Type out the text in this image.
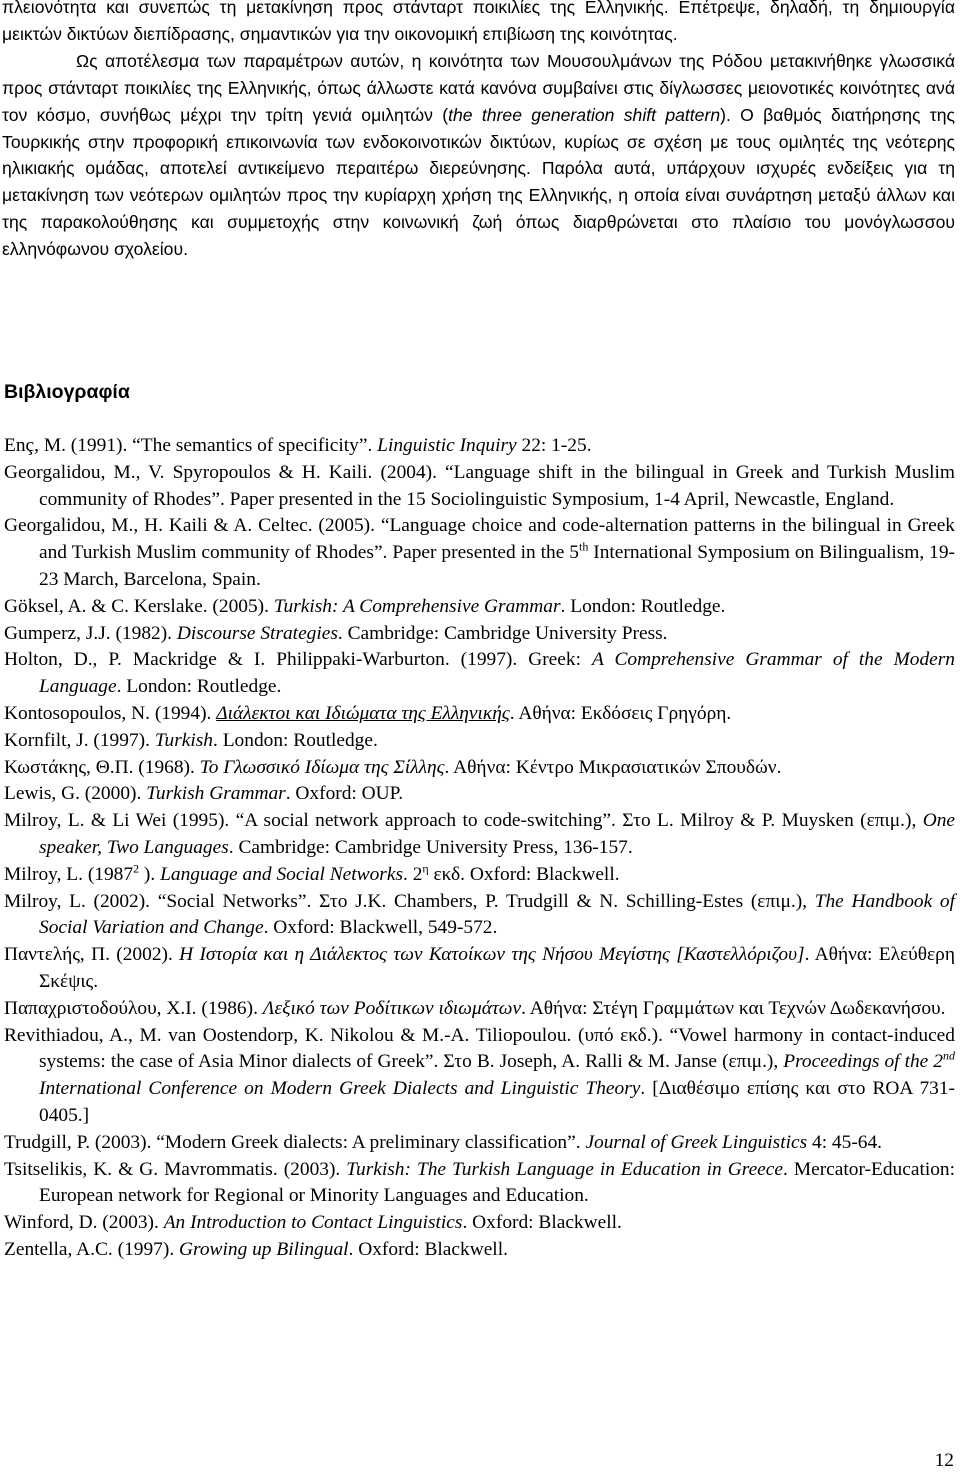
πλειονότητα και συνεπώς τη μετακίνηση προς στάνταρτ ποικιλίες της Ελληνικής. Επέτρεψε, δηλαδή, τη δημιουργία μεικτών δικτύων διεπίδρασης, σημαντικών για την οικονομική επιβίωση της κοινότητας.

Ως αποτέλεσμα των παραμέτρων αυτών, η κοινότητα των Μουσουλμάνων της Ρόδου μετακινήθηκε γλωσσικά προς στάνταρτ ποικιλίες της Ελληνικής, όπως άλλωστε κατά κανόνα συμβαίνει στις δίγλωσσες μειονοτικές κοινότητες ανά τον κόσμο, συνήθως μέχρι την τρίτη γενιά ομιλητών (the three generation shift pattern). Ο βαθμός διατήρησης της Τουρκικής στην προφορική επικοινωνία των ενδοκοινοτικών δικτύων, κυρίως σε σχέση με τους ομιλητές της νεότερης ηλικιακής ομάδας, αποτελεί αντικείμενο περαιτέρω διερεύνησης. Παρόλα αυτά, υπάρχουν ισχυρές ενδείξεις για τη μετακίνηση των νεότερων ομιλητών προς την κυρίαρχη χρήση της Ελληνικής, η οποία είναι συνάρτηση μεταξύ άλλων και της παρακολούθησης και συμμετοχής στην κοινωνική ζωή όπως διαρθρώνεται στο πλαίσιο του μονόγλωσσου ελληνόφωνου σχολείου.

Βιβλιογραφία

Enç, M. (1991). “The semantics of specificity”. Linguistic Inquiry 22: 1-25.

Georgalidou, M., V. Spyropoulos & H. Kaili. (2004). “Language shift in the bilingual in Greek and Turkish Muslim community of Rhodes”. Paper presented in the 15 Sociolinguistic Symposium, 1-4 April, Newcastle, England.

Georgalidou, M., H. Kaili & A. Celtec. (2005). “Language choice and code-alternation patterns in the bilingual in Greek and Turkish Muslim community of Rhodes”. Paper presented in the 5th International Symposium on Bilingualism, 19-23 March, Barcelona, Spain.

Göksel, A. & C. Kerslake. (2005). Turkish: A Comprehensive Grammar. London: Routledge.

Gumperz, J.J. (1982). Discourse Strategies. Cambridge: Cambridge University Press.

Holton, D., P. Mackridge & I. Philippaki-Warburton. (1997). Greek: A Comprehensive Grammar of the Modern Language. London: Routledge.

Kontosopoulos, N. (1994). Διάλεκτοι και Ιδιώματα της Ελληνικής. Αθήνα: Εκδόσεις Γρηγόρη.

Kornfilt, J. (1997). Turkish. London: Routledge.

Κωστάκης, Θ.Π. (1968). Το Γλωσσικό Ιδίωμα της Σίλλης. Αθήνα: Κέντρο Μικρασιατικών Σπουδών.

Lewis, G. (2000). Turkish Grammar. Oxford: OUP.

Milroy, L. & Li Wei (1995). “A social network approach to code-switching”. Στο L. Milroy & P. Muysken (επιμ.), One speaker, Two Languages. Cambridge: Cambridge University Press, 136-157.

Milroy, L. (1987$^2$ ). Language and Social Networks. $2^\eta$ εκδ. Oxford: Blackwell.

Milroy, L. (2002). “Social Networks”. Στο J.K. Chambers, P. Trudgill & N. Schilling-Estes (επιμ.), The Handbook of Social Variation and Change. Oxford: Blackwell, 549-572.

Παντελής, Π. (2002). Η Ιστορία και η Διάλεκτος των Κατοίκων της Νήσου Μεγίστης [Καστελλόριζου]. Αθήνα: Ελεύθερη Σκέψις.

Παπαχριστοδούλου, Χ.Ι. (1986). Λεξικό των Ροδίτικων ιδιωμάτων. Αθήνα: Στέγη Γραμμάτων και Τεχνών Δωδεκανήσου.

Revithiadou, A., M. van Oostendorp, K. Nikolou & M.-A. Tiliopoulou. (υπό εκδ.). “Vowel harmony in contact-induced systems: the case of Asia Minor dialects of Greek”. Στο B. Joseph, A. Ralli & M. Janse (επιμ.), Proceedings of the 2nd International Conference on Modern Greek Dialects and Linguistic Theory. [Διαθέσιμο επίσης και στο ROA 731-0405.]

Trudgill, P. (2003). “Modern Greek dialects: A preliminary classification”. Journal of Greek Linguistics 4: 45-64.

Tsitselikis, K. & G. Mavrommatis. (2003). Turkish: The Turkish Language in Education in Greece. Mercator-Education: European network for Regional or Minority Languages and Education.

Winford, D. (2003). An Introduction to Contact Linguistics. Oxford: Blackwell.

Zentella, A.C. (1997). Growing up Bilingual. Oxford: Blackwell.

12
